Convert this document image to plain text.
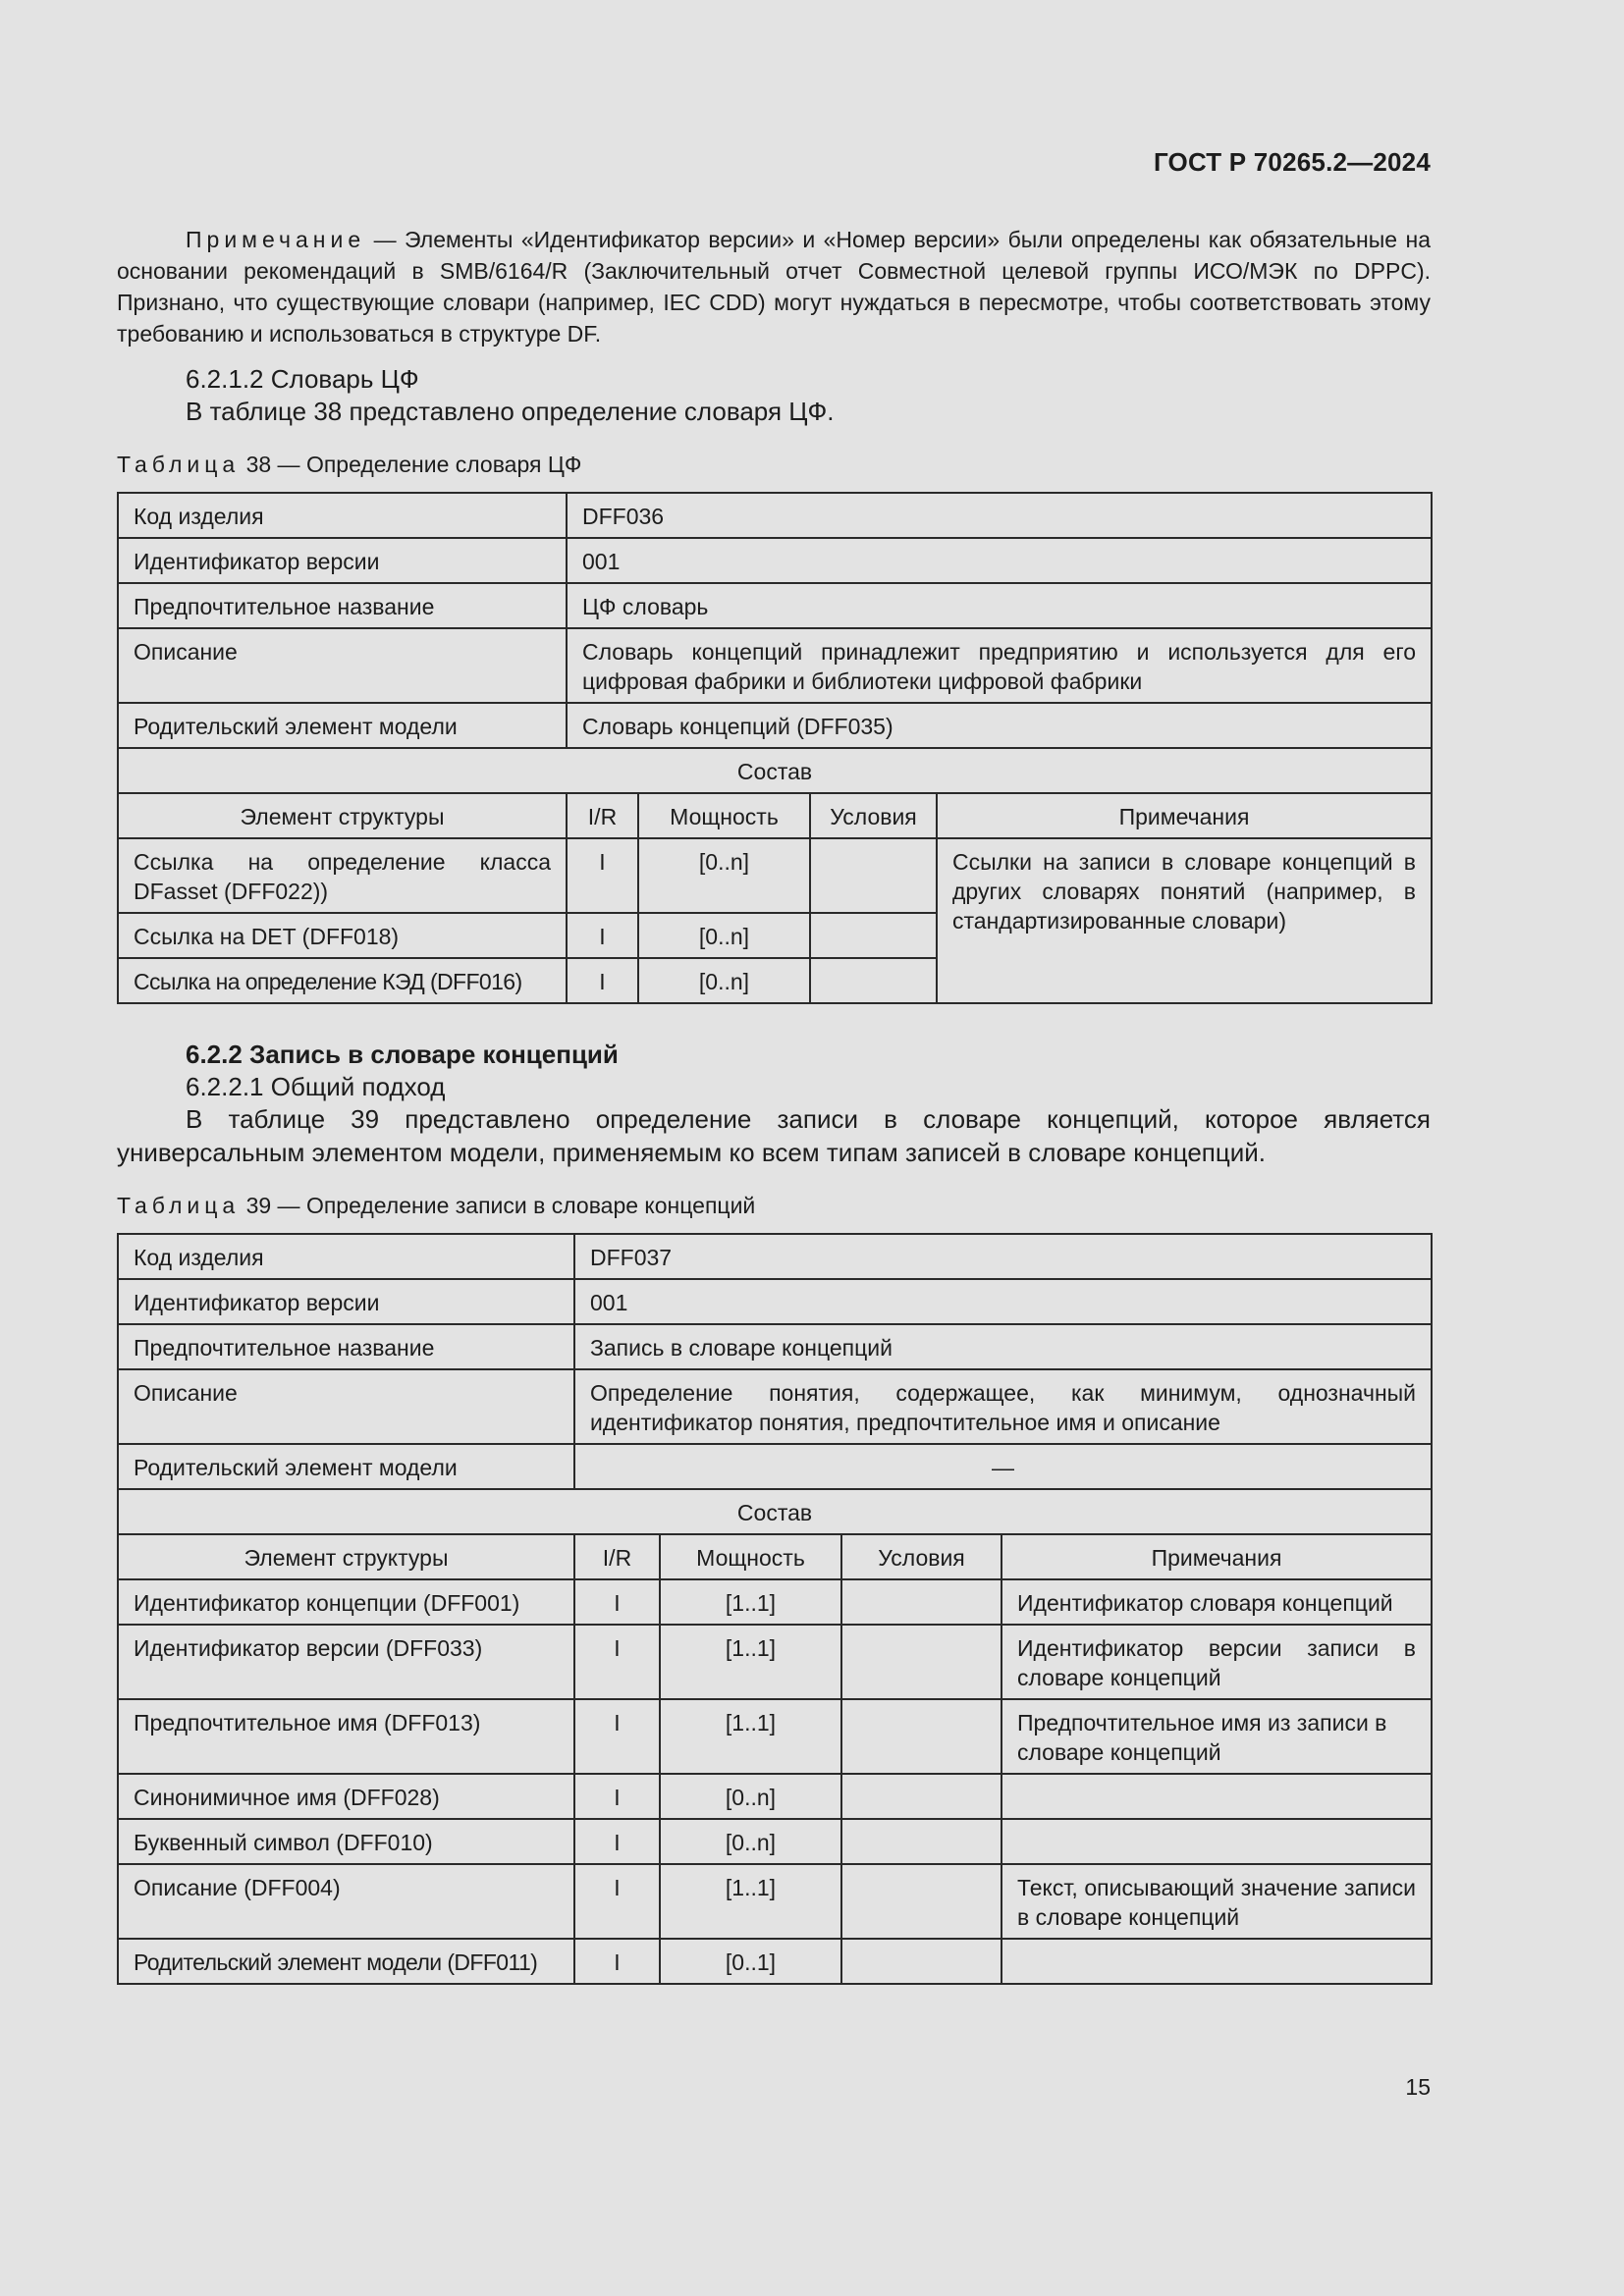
ГОСТ Р 70265.2—2024
Примечание — Элементы «Идентификатор версии» и «Номер версии» были определены как обязательные на основании рекомендаций в SMB/6164/R (Заключительный отчет Совместной целевой группы ИСО/МЭК по DPPC). Признано, что существующие словари (например, IEC CDD) могут нуждаться в пересмотре, чтобы соответствовать этому требованию и использоваться в структуре DF.
6.2.1.2 Словарь ЦФ
В таблице 38 представлено определение словаря ЦФ.
Таблица 38 — Определение словаря ЦФ
Код изделия	DFF036			
Идентификатор версии	001			
Предпочтительное название	ЦФ словарь			
Описание	Словарь концепций принадлежит предприятию и используется для его цифровая фабрики и библиотеки цифровой фабрики			
Родительский элемент модели	Словарь концепций (DFF035)			
Состав				
Элемент структуры	I/R	Мощность	Условия	Примечания
Ссылка на определение класса DFasset (DFF022))	I	[0..n]		Ссылки на записи в словаре концепций в других словарях понятий (например, в стандартизированные словари)
Ссылка на DET (DFF018)	I	[0..n]		
Ссылка на определение КЭД (DFF016)	I	[0..n]		
6.2.2 Запись в словаре концепций
6.2.2.1 Общий подход
В таблице 39 представлено определение записи в словаре концепций, которое является универсальным элементом модели, применяемым ко всем типам записей в словаре концепций.
Таблица 39 — Определение записи в словаре концепций
Код изделия	DFF037			
Идентификатор версии	001			
Предпочтительное название	Запись в словаре концепций			
Описание	Определение понятия, содержащее, как минимум, однозначный идентификатор понятия, предпочтительное имя и описание			
Родительский элемент модели	—			
Состав				
Элемент структуры	I/R	Мощность	Условия	Примечания
Идентификатор концепции (DFF001)	I	[1..1]		Идентификатор словаря концепций
Идентификатор версии (DFF033)	I	[1..1]		Идентификатор версии записи в словаре концепций
Предпочтительное имя (DFF013)	I	[1..1]		Предпочтительное имя из записи в словаре концепций
Синонимичное имя (DFF028)	I	[0..n]		
Буквенный символ (DFF010)	I	[0..n]		
Описание (DFF004)	I	[1..1]		Текст, описывающий значение записи в словаре концепций
Родительский элемент модели (DFF011)	I	[0..1]		
15
